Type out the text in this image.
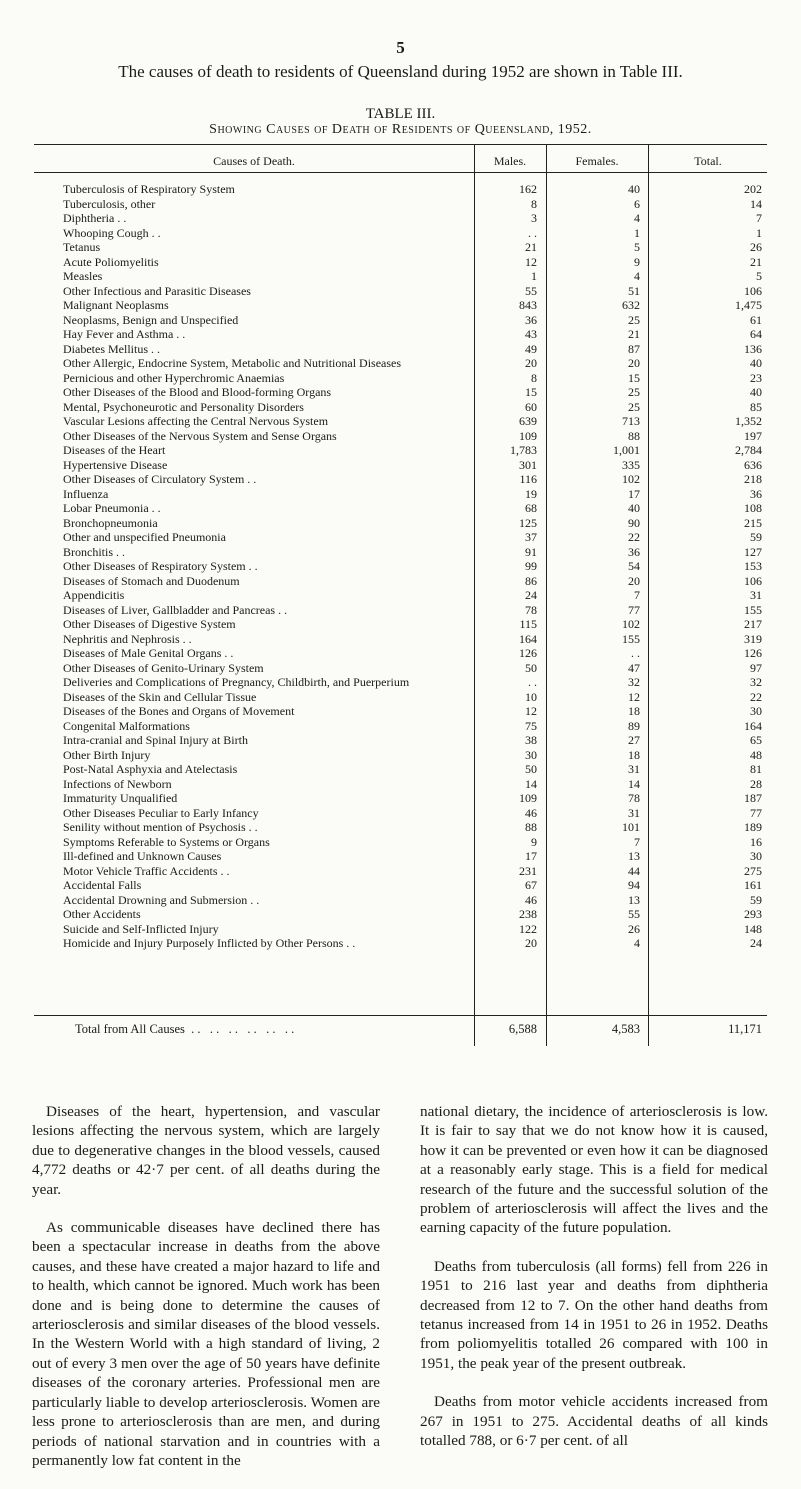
5
The causes of death to residents of Queensland during 1952 are shown in Table III.
TABLE III.
Showing Causes of Death of Residents of Queensland, 1952.
Causes of Death.	Males.	Females.	Total.
Tuberculosis of Respiratory System	162	40	202
Tuberculosis, other	8	6	14
Diphtheria . .	3	4	7
Whooping Cough . .	. .	1	1
Tetanus	21	5	26
Acute Poliomyelitis	12	9	21
Measles	1	4	5
Other Infectious and Parasitic Diseases	55	51	106
Malignant Neoplasms	843	632	1,475
Neoplasms, Benign and Unspecified	36	25	61
Hay Fever and Asthma . .	43	21	64
Diabetes Mellitus . .	49	87	136
Other Allergic, Endocrine System, Metabolic and Nutritional Diseases	20	20	40
Pernicious and other Hyperchromic Anaemias	8	15	23
Other Diseases of the Blood and Blood-forming Organs	15	25	40
Mental, Psychoneurotic and Personality Disorders	60	25	85
Vascular Lesions affecting the Central Nervous System	639	713	1,352
Other Diseases of the Nervous System and Sense Organs	109	88	197
Diseases of the Heart	1,783	1,001	2,784
Hypertensive Disease	301	335	636
Other Diseases of Circulatory System . .	116	102	218
Influenza	19	17	36
Lobar Pneumonia . .	68	40	108
Bronchopneumonia	125	90	215
Other and unspecified Pneumonia	37	22	59
Bronchitis . .	91	36	127
Other Diseases of Respiratory System . .	99	54	153
Diseases of Stomach and Duodenum	86	20	106
Appendicitis	24	7	31
Diseases of Liver, Gallbladder and Pancreas . .	78	77	155
Other Diseases of Digestive System	115	102	217
Nephritis and Nephrosis . .	164	155	319
Diseases of Male Genital Organs . .	126	. .	126
Other Diseases of Genito-Urinary System	50	47	97
Deliveries and Complications of Pregnancy, Childbirth, and Puerperium	. .	32	32
Diseases of the Skin and Cellular Tissue	10	12	22
Diseases of the Bones and Organs of Movement	12	18	30
Congenital Malformations	75	89	164
Intra-cranial and Spinal Injury at Birth	38	27	65
Other Birth Injury	30	18	48
Post-Natal Asphyxia and Atelectasis	50	31	81
Infections of Newborn	14	14	28
Immaturity Unqualified	109	78	187
Other Diseases Peculiar to Early Infancy	46	31	77
Senility without mention of Psychosis . .	88	101	189
Symptoms Referable to Systems or Organs	9	7	16
Ill-defined and Unknown Causes	17	13	30
Motor Vehicle Traffic Accidents . .	231	44	275
Accidental Falls	67	94	161
Accidental Drowning and Submersion . .	46	13	59
Other Accidents	238	55	293
Suicide and Self-Inflicted Injury	122	26	148
Homicide and Injury Purposely Inflicted by Other Persons . .	20	4	24
Total from All Causes  . .   . .   . .   . .   . .   . .	6,588	4,583	11,171

Diseases of the heart, hypertension, and vascular lesions affecting the nervous system, which are largely due to degenerative changes in the blood vessels, caused 4,772 deaths or 42·7 per cent. of all deaths during the year.

As communicable diseases have declined there has been a spectacular increase in deaths from the above causes, and these have created a major hazard to life and to health, which cannot be ignored. Much work has been done and is being done to determine the causes of arteriosclerosis and similar diseases of the blood vessels. In the Western World with a high standard of living, 2 out of every 3 men over the age of 50 years have definite diseases of the coronary arteries. Professional men are particularly liable to develop arteriosclerosis. Women are less prone to arteriosclerosis than are men, and during periods of national starvation and in countries with a permanently low fat content in the

national dietary, the incidence of arteriosclerosis is low. It is fair to say that we do not know how it is caused, how it can be prevented or even how it can be diagnosed at a reasonably early stage. This is a field for medical research of the future and the successful solution of the problem of arteriosclerosis will affect the lives and the earning capacity of the future population.

Deaths from tuberculosis (all forms) fell from 226 in 1951 to 216 last year and deaths from diphtheria decreased from 12 to 7. On the other hand deaths from tetanus increased from 14 in 1951 to 26 in 1952. Deaths from poliomyelitis totalled 26 compared with 100 in 1951, the peak year of the present outbreak.

Deaths from motor vehicle accidents increased from 267 in 1951 to 275. Accidental deaths of all kinds totalled 788, or 6·7 per cent. of all
